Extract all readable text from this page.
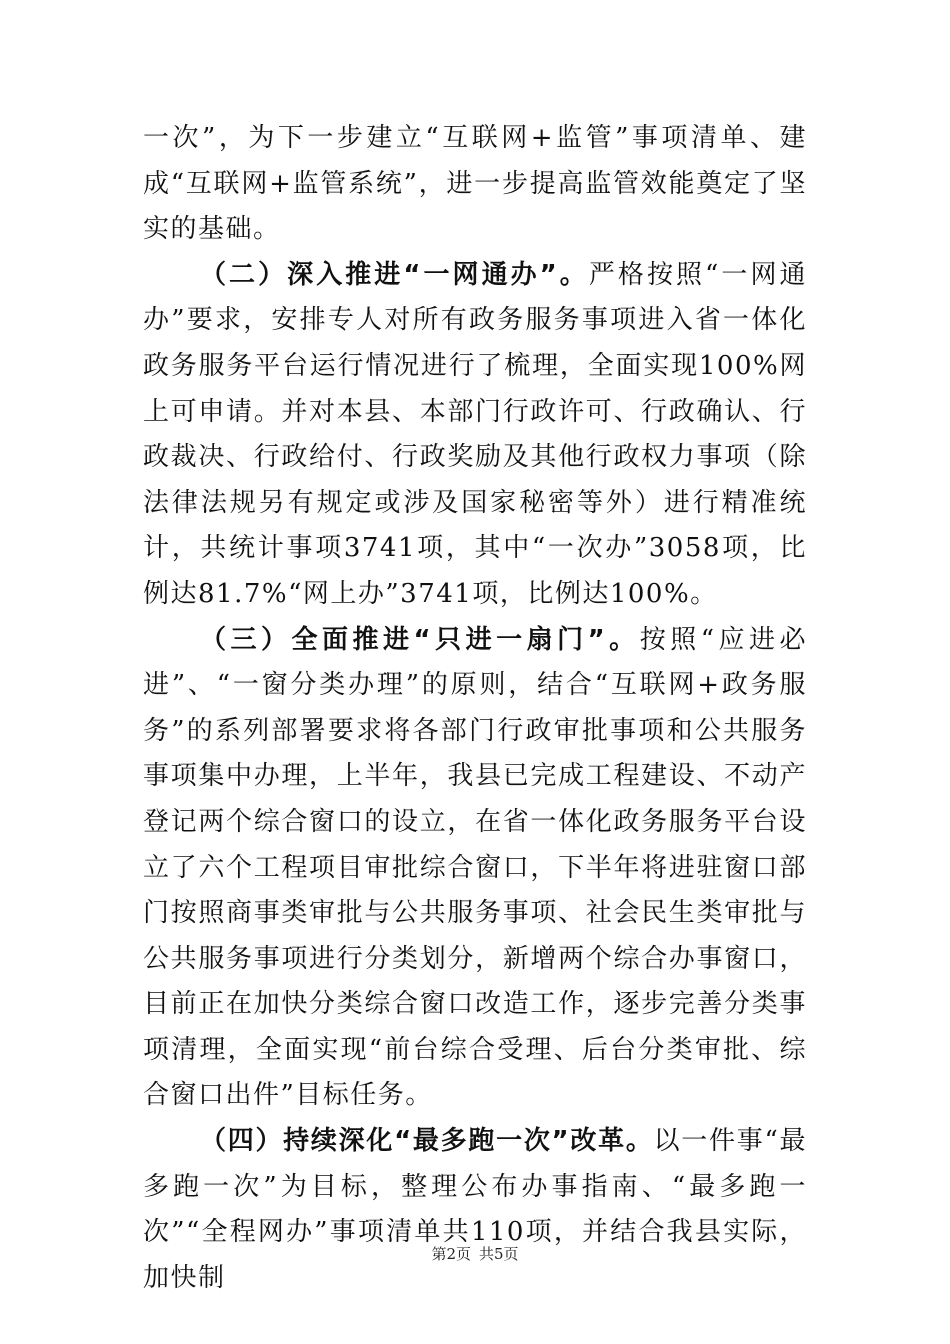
一次”，为下一步建立“互联网+监管”事项清单、建成“互联网+监管系统”，进一步提高监管效能奠定了坚实的基础。

（二）深入推进“一网通办”。严格按照“一网通办”要求，安排专人对所有政务服务事项进入省一体化政务服务平台运行情况进行了梳理，全面实现100%网上可申请。并对本县、本部门行政许可、行政确认、行政裁决、行政给付、行政奖励及其他行政权力事项（除法律法规另有规定或涉及国家秘密等外）进行精准统计，共统计事项3741项，其中“一次办”3058项，比例达81.7%“网上办”3741项，比例达100%。

（三）全面推进“只进一扇门”。按照“应进必进”、“一窗分类办理”的原则，结合“互联网+政务服务”的系列部署要求将各部门行政审批事项和公共服务事项集中办理，上半年，我县已完成工程建设、不动产登记两个综合窗口的设立，在省一体化政务服务平台设立了六个工程项目审批综合窗口，下半年将进驻窗口部门按照商事类审批与公共服务事项、社会民生类审批与公共服务事项进行分类划分，新增两个综合办事窗口，目前正在加快分类综合窗口改造工作，逐步完善分类事项清理，全面实现“前台综合受理、后台分类审批、综合窗口出件”目标任务。

（四）持续深化“最多跑一次”改革。以一件事“最多跑一次”为目标，整理公布办事指南、“最多跑一次”“全程网办”事项清单共110项，并结合我县实际，加快制

第2页 共5页
